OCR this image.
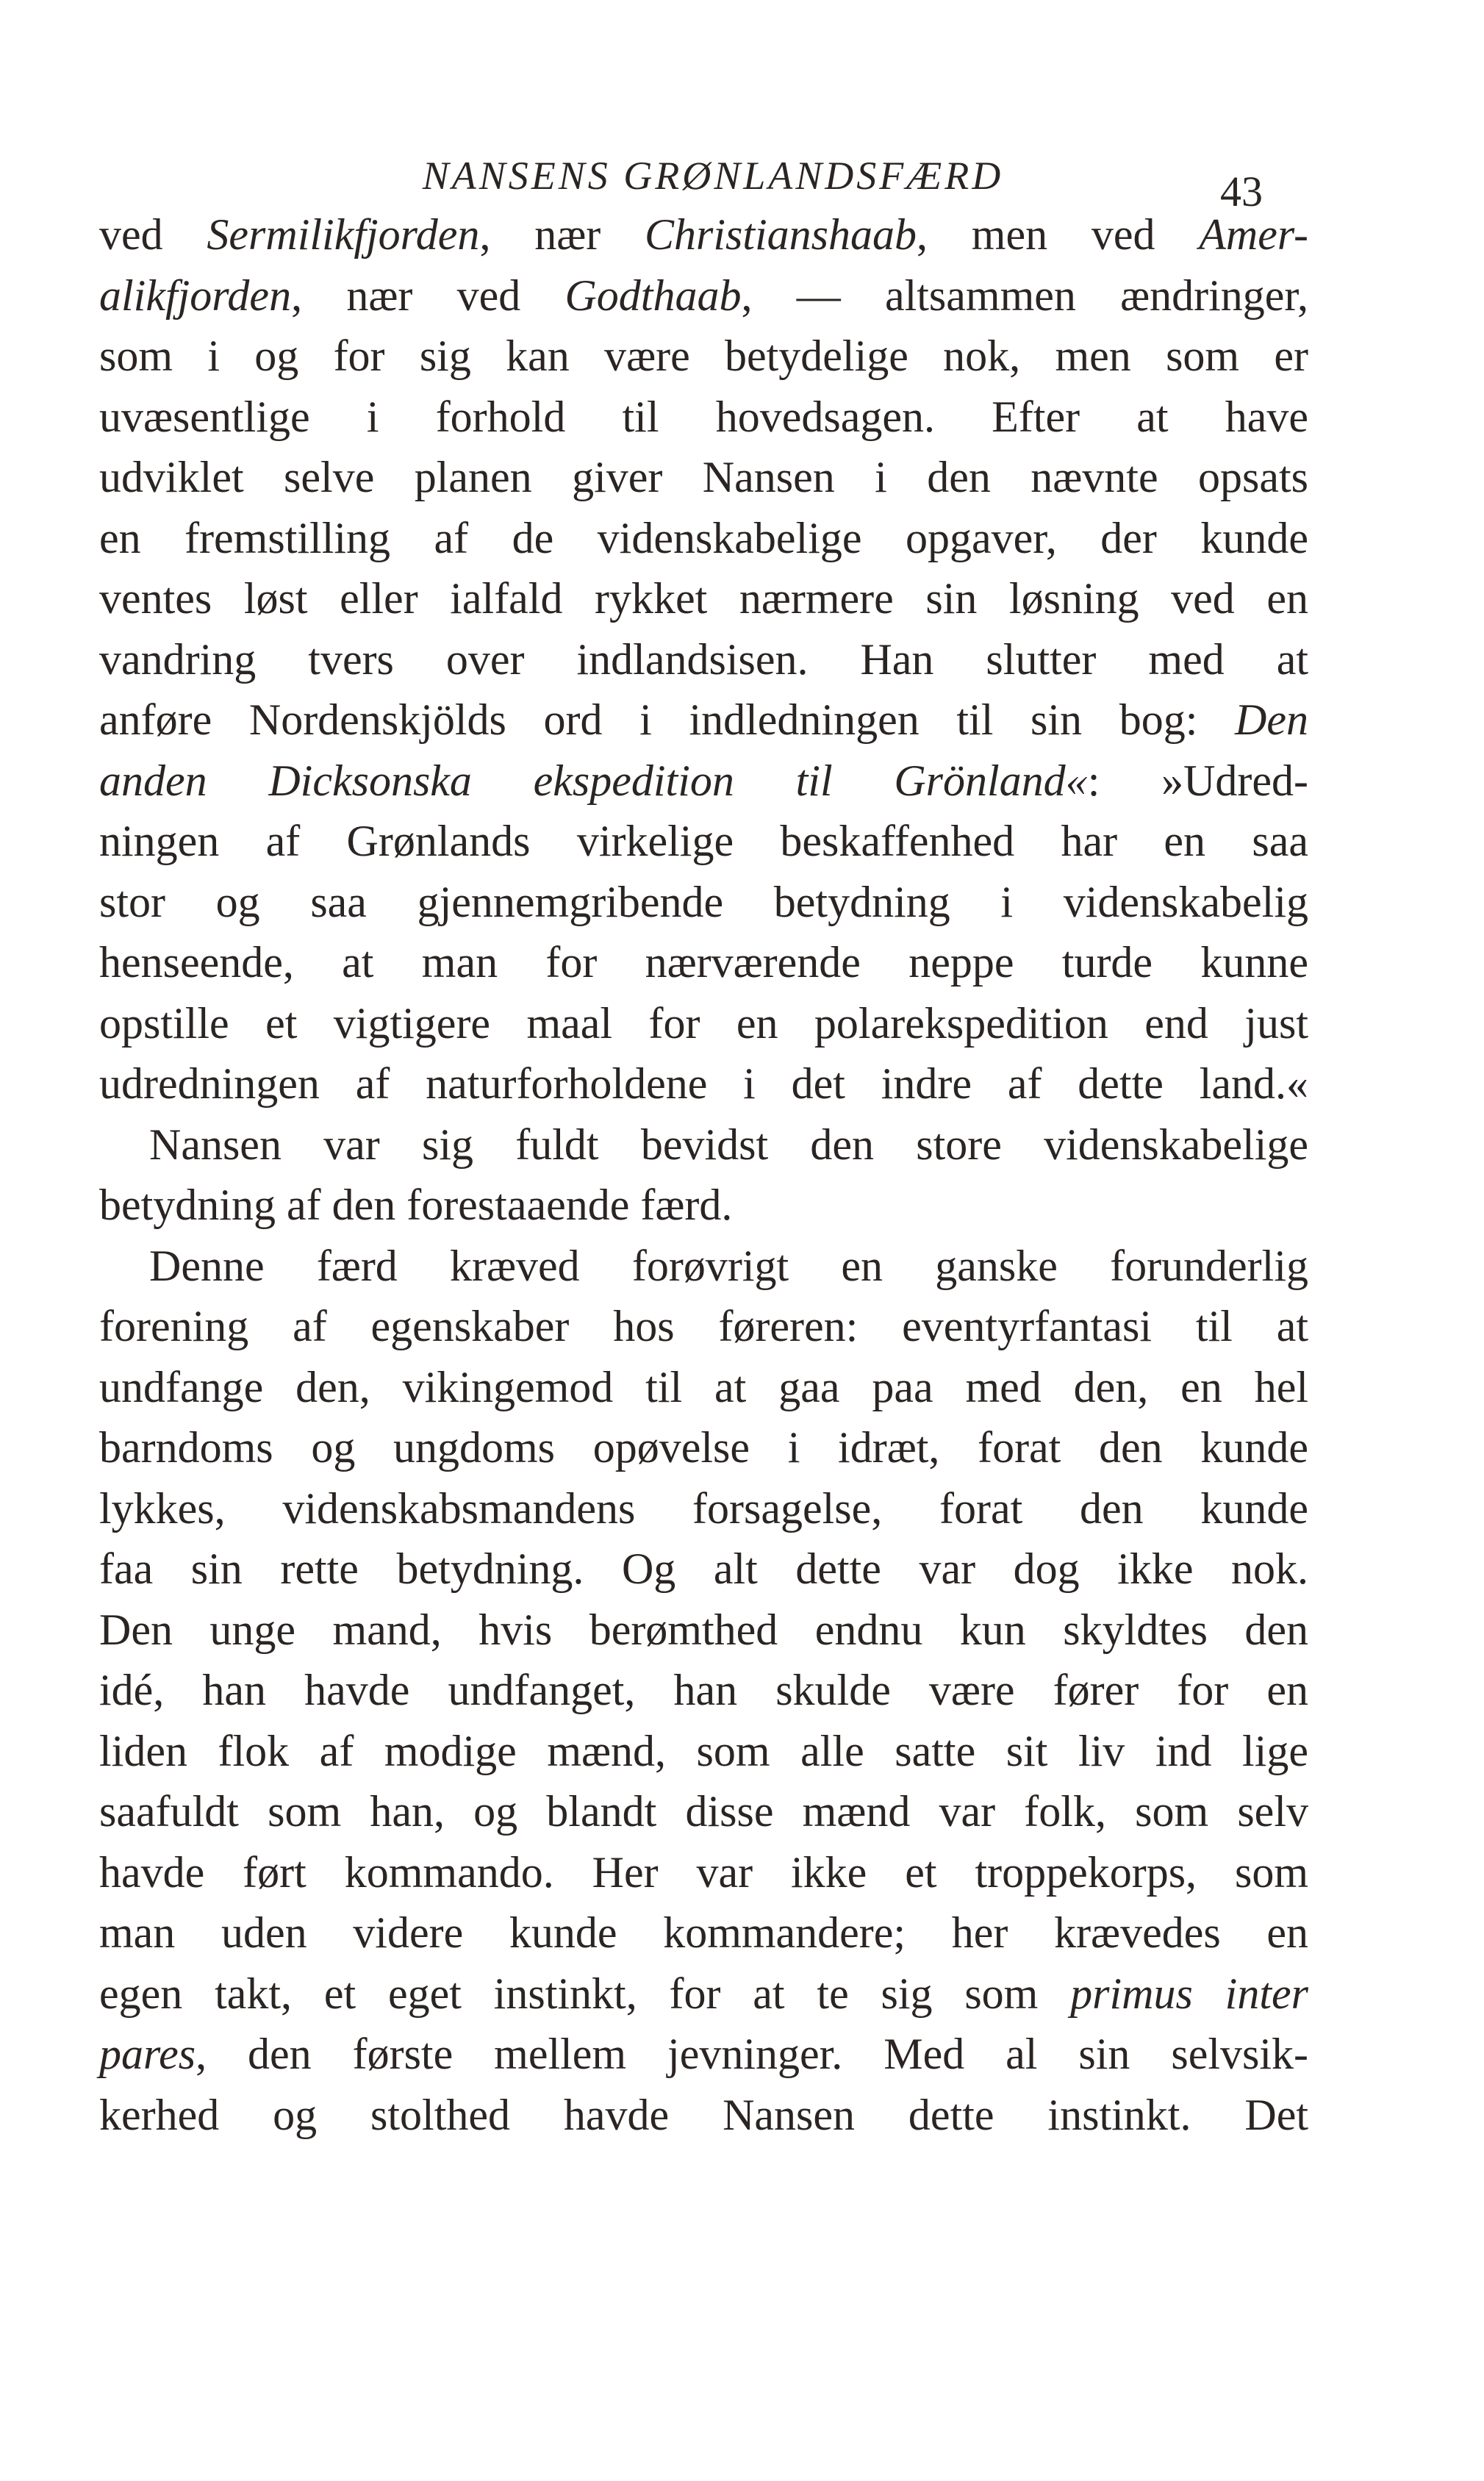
NANSENS GRØNLANDSFÆRD	43
ved Sermilikfjorden, nær Christianshaab, men ved Amer-
alikfjorden, nær ved Godthaab, — altsammen ændringer,
som i og for sig kan være betydelige nok, men som er
uvæsentlige i forhold til hovedsagen. Efter at have
udviklet selve planen giver Nansen i den nævnte opsats
en fremstilling af de videnskabelige opgaver, der kunde
ventes løst eller ialfald rykket nærmere sin løsning ved en
vandring tvers over indlandsisen. Han slutter med at
anføre Nordenskjölds ord i indledningen til sin bog: Den
anden Dicksonska ekspedition til Grönland«: »Udred-
ningen af Grønlands virkelige beskaffenhed har en saa
stor og saa gjennemgribende betydning i videnskabelig
henseende, at man for nærværende neppe turde kunne
opstille et vigtigere maal for en polarekspedition end just
udredningen af naturforholdene i det indre af dette land.«
Nansen var sig fuldt bevidst den store videnskabelige
betydning af den forestaaende færd.
Denne færd kræved forøvrigt en ganske forunderlig
forening af egenskaber hos føreren: eventyrfantasi til at
undfange den, vikingemod til at gaa paa med den, en hel
barndoms og ungdoms opøvelse i idræt, forat den kunde
lykkes, videnskabsmandens forsagelse, forat den kunde
faa sin rette betydning. Og alt dette var dog ikke nok.
Den unge mand, hvis berømthed endnu kun skyldtes den
idé, han havde undfanget, han skulde være fører for en
liden flok af modige mænd, som alle satte sit liv ind lige
saafuldt som han, og blandt disse mænd var folk, som selv
havde ført kommando. Her var ikke et troppekorps, som
man uden videre kunde kommandere; her krævedes en
egen takt, et eget instinkt, for at te sig som primus inter
pares, den første mellem jevninger. Med al sin selvsik-
kerhed og stolthed havde Nansen dette instinkt. Det
